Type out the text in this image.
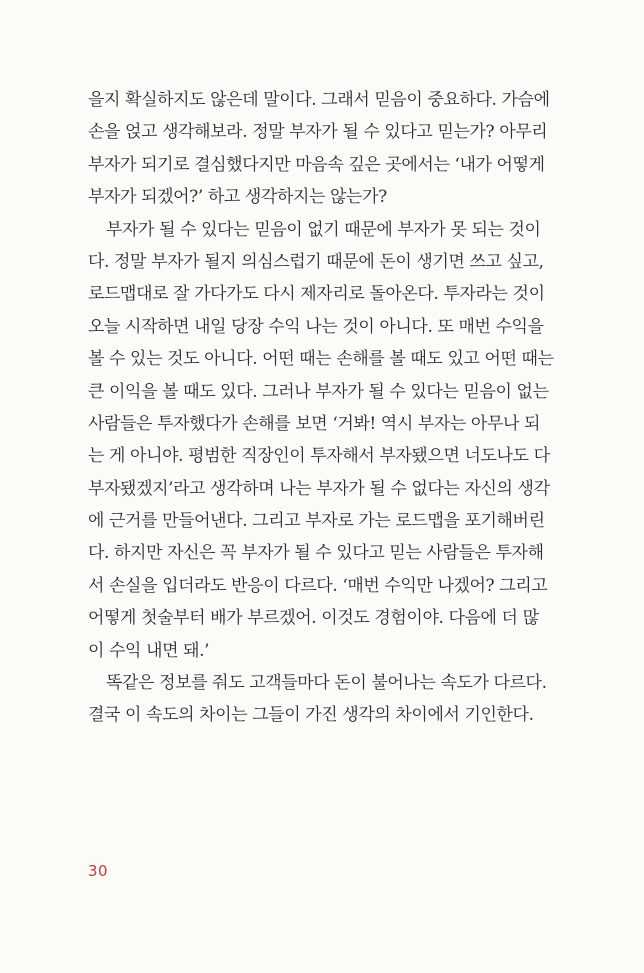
을지 확실하지도 않은데 말이다. 그래서 믿음이 중요하다. 가슴에
손을 얹고 생각해보라. 정말 부자가 될 수 있다고 믿는가? 아무리
부자가 되기로 결심했다지만 마음속 깊은 곳에서는 ‘내가 어떻게
부자가 되겠어?’ 하고 생각하지는 않는가?
부자가 될 수 있다는 믿음이 없기 때문에 부자가 못 되는 것이
다. 정말 부자가 될지 의심스럽기 때문에 돈이 생기면 쓰고 싶고,
로드맵대로 잘 가다가도 다시 제자리로 돌아온다. 투자라는 것이
오늘 시작하면 내일 당장 수익 나는 것이 아니다. 또 매번 수익을
볼 수 있는 것도 아니다. 어떤 때는 손해를 볼 때도 있고 어떤 때는
큰 이익을 볼 때도 있다. 그러나 부자가 될 수 있다는 믿음이 없는
사람들은 투자했다가 손해를 보면 ‘거봐! 역시 부자는 아무나 되
는 게 아니야. 평범한 직장인이 투자해서 부자됐으면 너도나도 다
부자됐겠지’라고 생각하며 나는 부자가 될 수 없다는 자신의 생각
에 근거를 만들어낸다. 그리고 부자로 가는 로드맵을 포기해버린
다. 하지만 자신은 꼭 부자가 될 수 있다고 믿는 사람들은 투자해
서 손실을 입더라도 반응이 다르다. ‘매번 수익만 나겠어? 그리고
어떻게 첫술부터 배가 부르겠어. 이것도 경험이야. 다음에 더 많
이 수익 내면 돼.’
똑같은 정보를 줘도 고객들마다 돈이 불어나는 속도가 다르다.
결국 이 속도의 차이는 그들이 가진 생각의 차이에서 기인한다.
30
